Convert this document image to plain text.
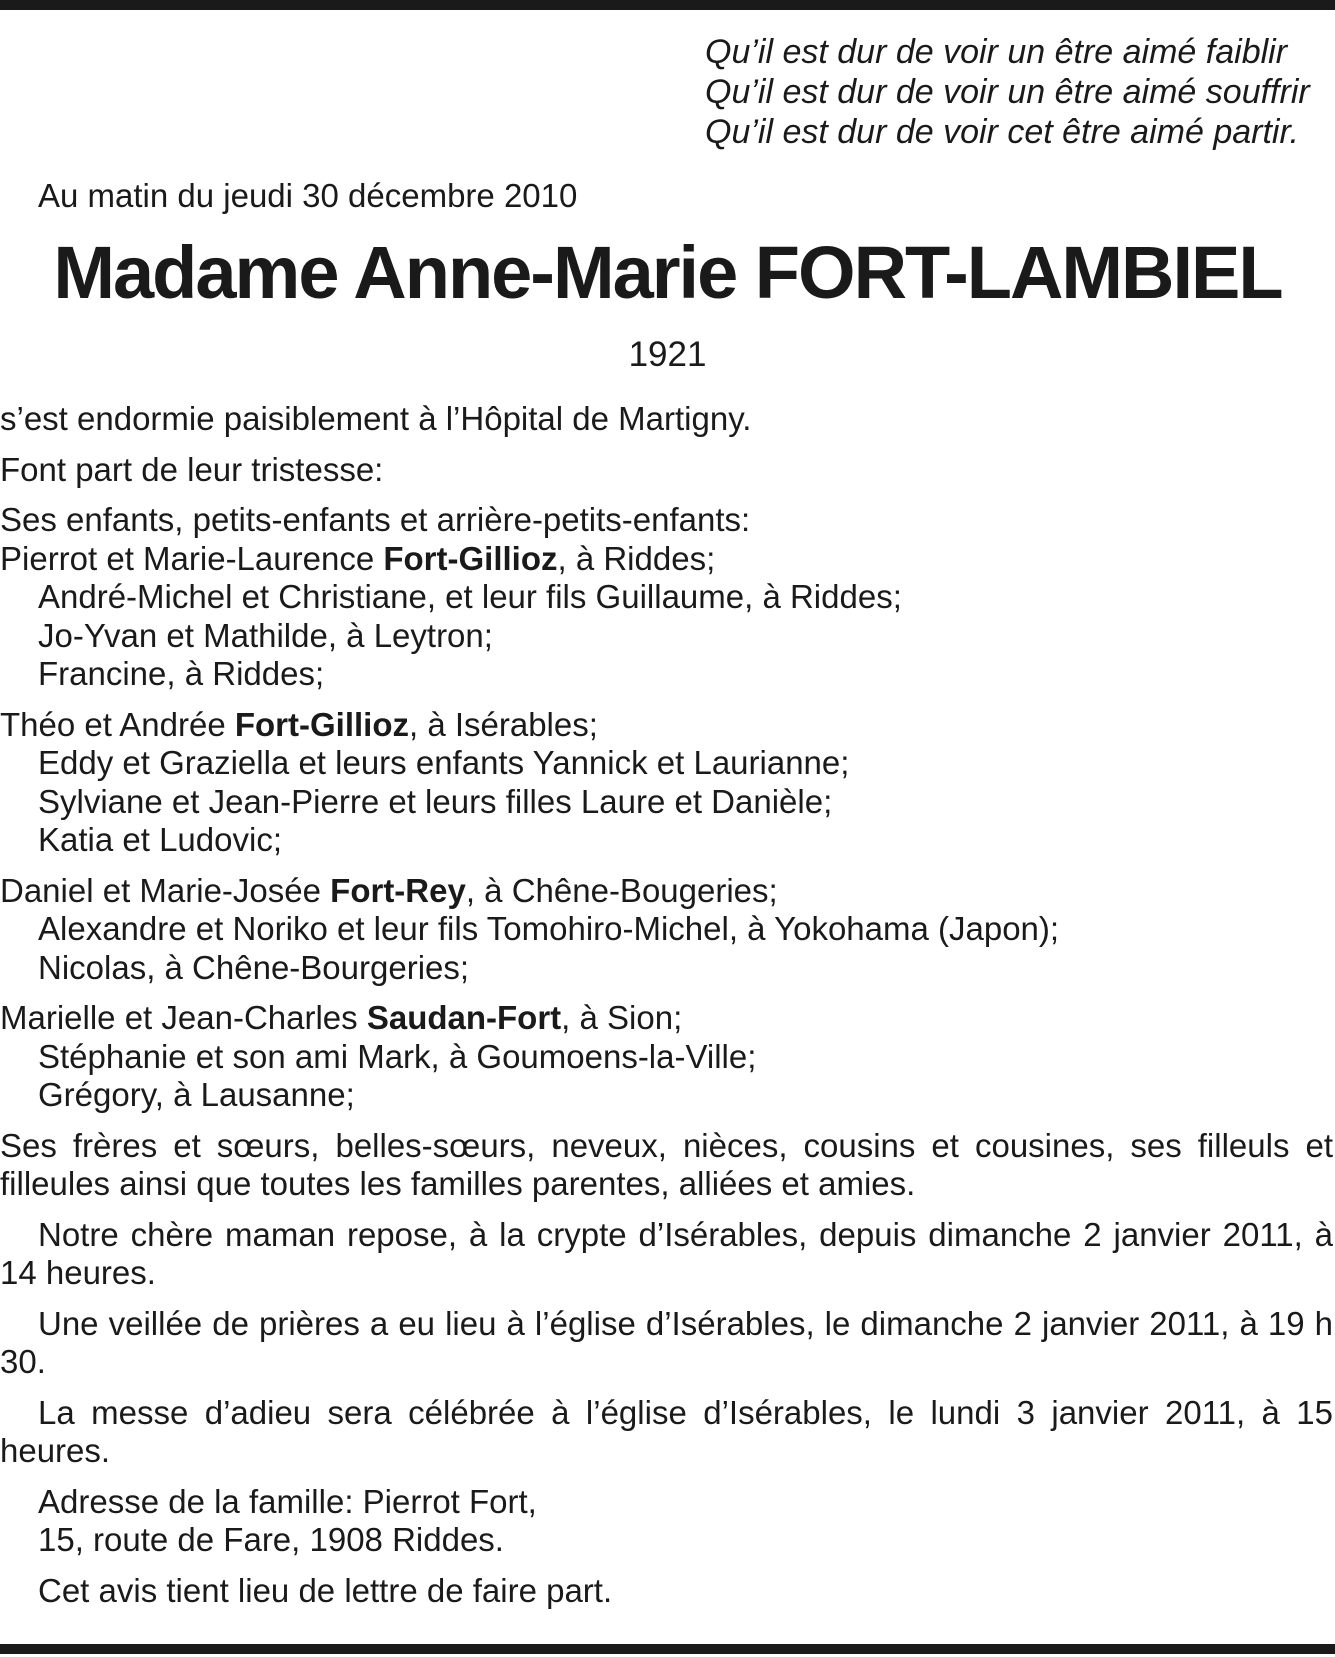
Qu’il est dur de voir un être aimé faiblir
Qu’il est dur de voir un être aimé souffrir
Qu’il est dur de voir cet être aimé partir.
Au matin du jeudi 30 décembre 2010
Madame Anne-Marie FORT-LAMBIEL
1921
s’est endormie paisiblement à l’Hôpital de Martigny.
Font part de leur tristesse:
Ses enfants, petits-enfants et arrière-petits-enfants:
Pierrot et Marie-Laurence Fort-Gillioz, à Riddes;
André-Michel et Christiane, et leur fils Guillaume, à Riddes;
Jo-Yvan et Mathilde, à Leytron;
Francine, à Riddes;
Théo et Andrée Fort-Gillioz, à Isérables;
Eddy et Graziella et leurs enfants Yannick et Laurianne;
Sylviane et Jean-Pierre et leurs filles Laure et Danièle;
Katia et Ludovic;
Daniel et Marie-Josée Fort-Rey, à Chêne-Bougeries;
Alexandre et Noriko et leur fils Tomohiro-Michel, à Yokohama (Japon);
Nicolas, à Chêne-Bourgeries;
Marielle et Jean-Charles Saudan-Fort, à Sion;
Stéphanie et son ami Mark, à Goumoens-la-Ville;
Grégory, à Lausanne;
Ses frères et sœurs, belles-sœurs, neveux, nièces, cousins et cousines, ses filleuls et filleules ainsi que toutes les familles parentes, alliées et amies.
Notre chère maman repose, à la crypte d’Isérables, depuis dimanche 2 janvier 2011, à 14 heures.
Une veillée de prières a eu lieu à l’église d’Isérables, le dimanche 2 janvier 2011, à 19 h 30.
La messe d’adieu sera célébrée à l’église d’Isérables, le lundi 3 janvier 2011, à 15 heures.
Adresse de la famille: Pierrot Fort,
15, route de Fare, 1908 Riddes.
Cet avis tient lieu de lettre de faire part.
